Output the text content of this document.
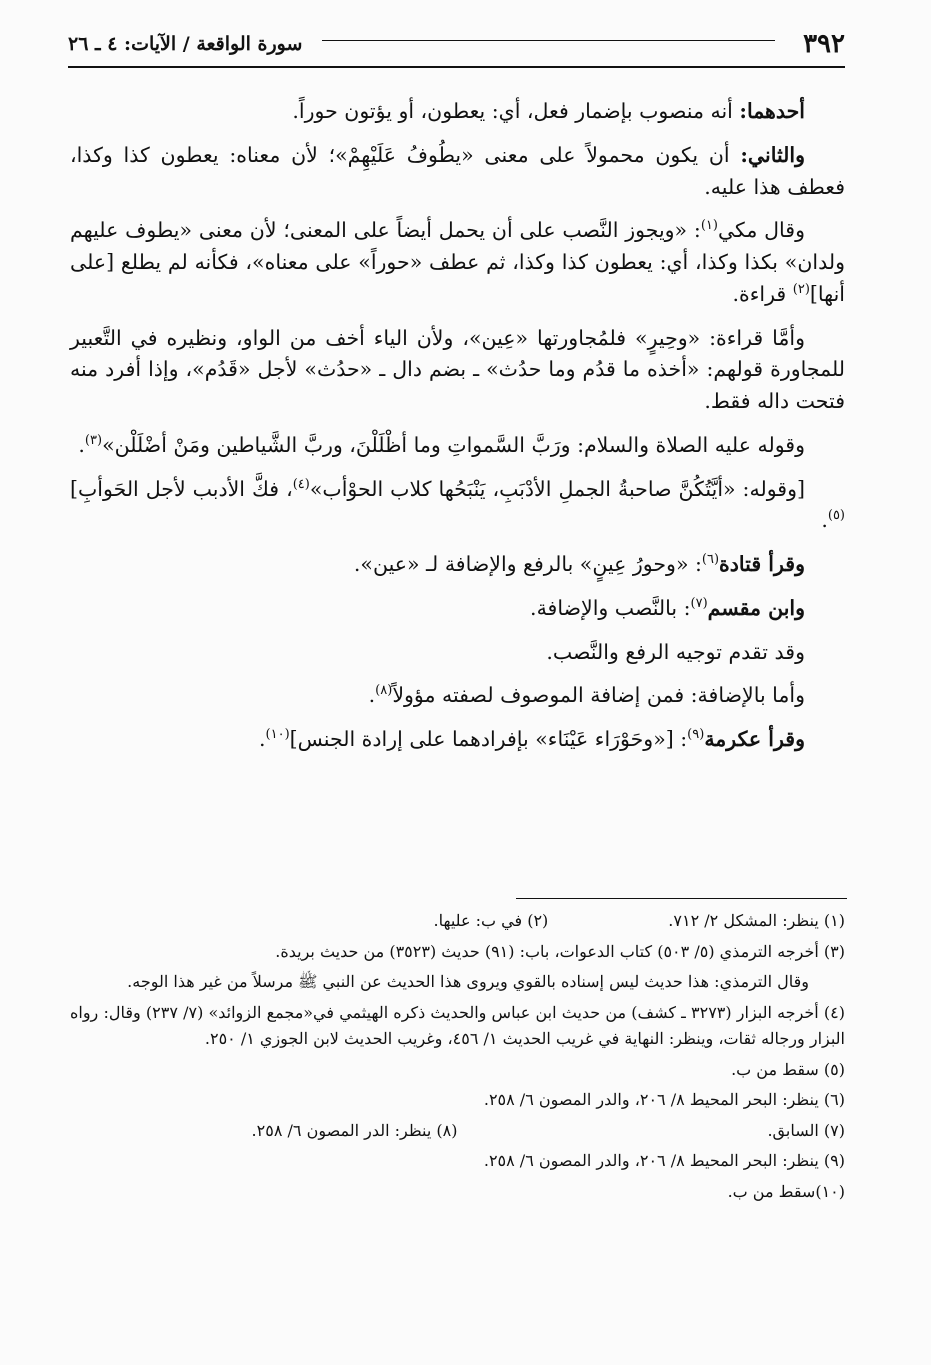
٣٩٢
سورة الواقعة / الآيات: ٤ ـ ٢٦

أحدهما: أنه منصوب بإضمار فعل، أي: يعطون، أو يؤتون حوراً.

والثاني: أن يكون محمولاً على معنى «يطُوفُ عَلَيْهِمْ»؛ لأن معناه: يعطون كذا وكذا، فعطف هذا عليه.

وقال مكي$^{(١)}$: «ويجوز النَّصب على أن يحمل أيضاً على المعنى؛ لأن معنى «يطوف عليهم ولدان» بكذا وكذا، أي: يعطون كذا وكذا، ثم عطف «حوراً» على معناه»، فكأنه لم يطلع [على أنها]$^{(٢)}$ قراءة.

وأمَّا قراءة: «وحِيرٍ» فلمُجاورتها «عِين»، ولأن الياء أخف من الواو، ونظيره في التَّعبير للمجاورة قولهم: «أخذه ما قدُم وما حدُث» ـ بضم دال ـ «حدُث» لأجل «قَدُم»، وإذا أفرد منه فتحت داله فقط.

وقوله عليه الصلاة والسلام: ورَبَّ السَّمواتِ وما أظْلَلْنَ، وربَّ الشَّياطين ومَنْ أضْلَلْن»$^{(٣)}$.

[وقوله: «أيَّتُكُنَّ صاحبةُ الجملِ الأدْبَبِ، يَنْبَحُها كلاب الحوْأب»$^{(٤)}$، فكَّ الأدبب لأجل الحَوأبِ]$^{(٥)}$.

وقرأ قتادة$^{(٦)}$: «وحورُ عِينٍ» بالرفع والإضافة لـ «عين».

وابن مقسم$^{(٧)}$: بالنَّصب والإضافة.

وقد تقدم توجيه الرفع والنَّصب.

وأما بالإضافة: فمن إضافة الموصوف لصفته مؤولاً$^{(٨)}$.

وقرأ عكرمة$^{(٩)}$: [«وحَوْرَاء عَيْنَاء» بإفرادهما على إرادة الجنس]$^{(١٠)}$.

(١) ينظر: المشكل ٢/ ٧١٢.
(٢) في ب: عليها.
(٣) أخرجه الترمذي (٥/ ٥٠٣) كتاب الدعوات، باب: (٩١) حديث (٣٥٢٣) من حديث بريدة.
وقال الترمذي: هذا حديث ليس إسناده بالقوي ويروى هذا الحديث عن النبي ﷺ مرسلاً من غير هذا الوجه.
(٤) أخرجه البزار (٣٢٧٣ ـ كشف) من حديث ابن عباس والحديث ذكره الهيثمي في«مجمع الزوائد» (٧/ ٢٣٧) وقال: رواه البزار ورجاله ثقات، وينظر: النهاية في غريب الحديث ١/ ٤٥٦، وغريب الحديث لابن الجوزي ١/ ٢٥٠.
(٥) سقط من ب.
(٦) ينظر: البحر المحيط ٨/ ٢٠٦، والدر المصون ٦/ ٢٥٨.
(٧) السابق.
(٨) ينظر: الدر المصون ٦/ ٢٥٨.
(٩) ينظر: البحر المحيط ٨/ ٢٠٦، والدر المصون ٦/ ٢٥٨.
(١٠)سقط من ب.
